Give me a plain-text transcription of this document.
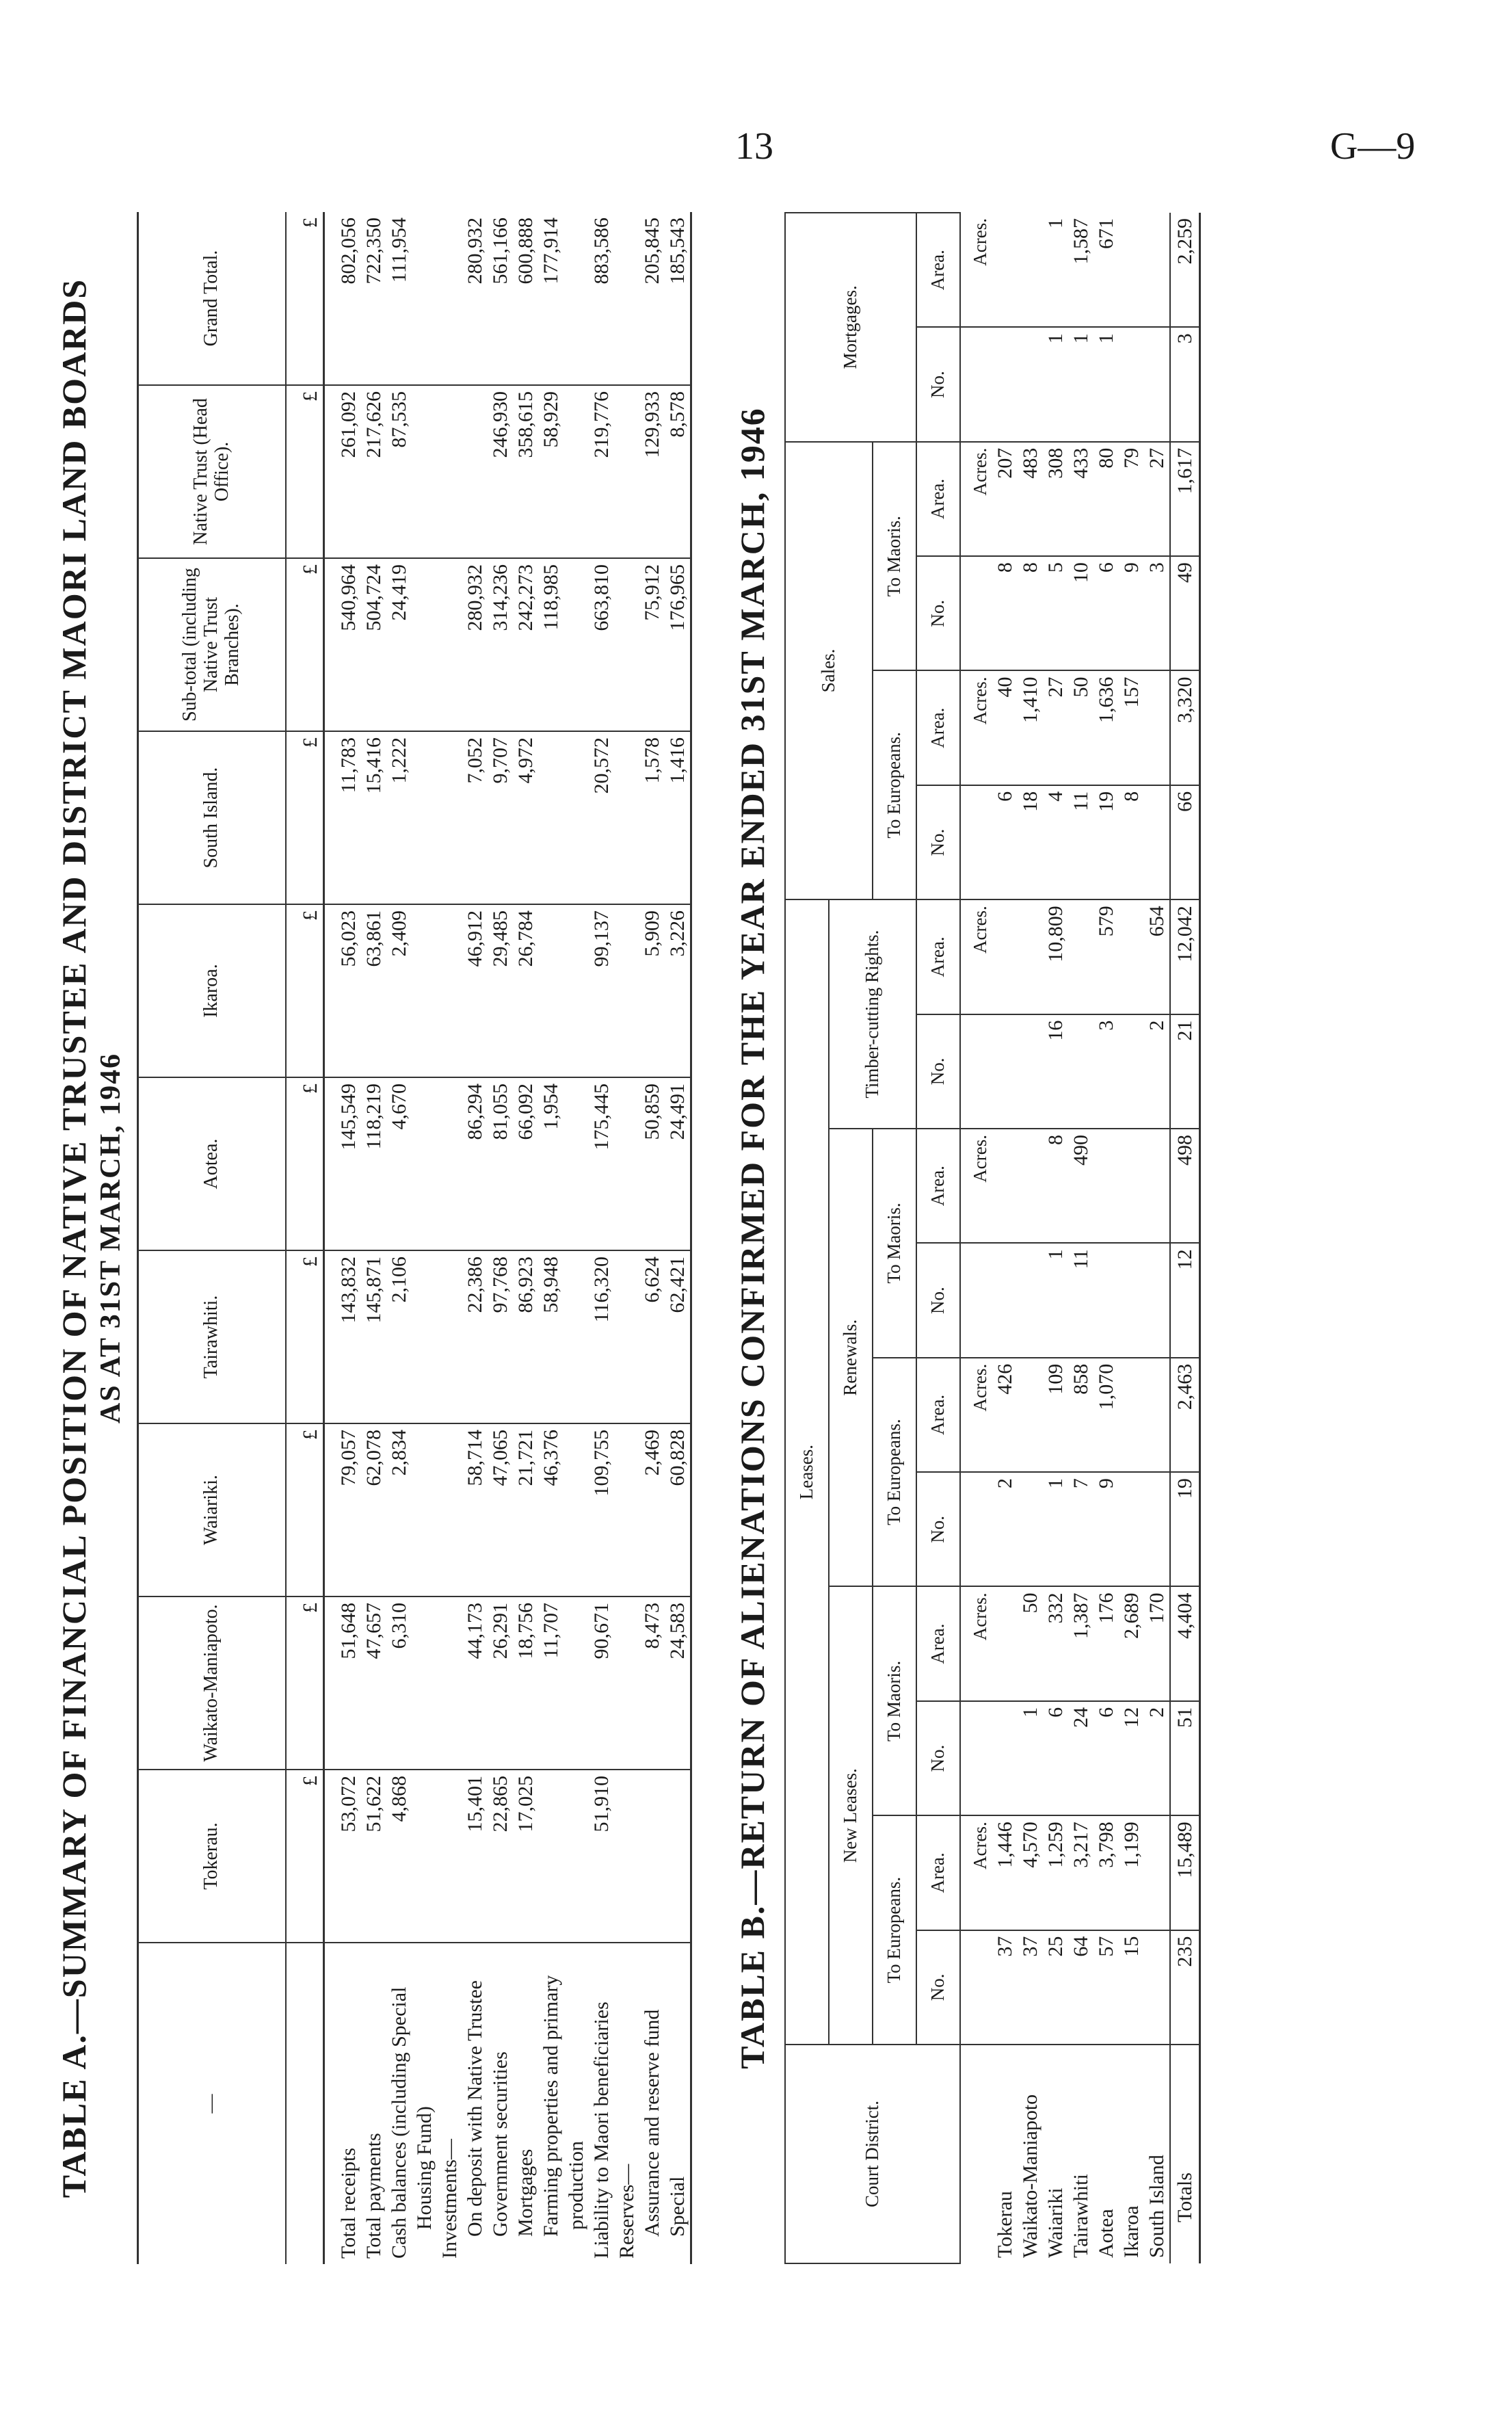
13	G—9
TABLE A.—SUMMARY OF FINANCIAL POSITION OF NATIVE TRUSTEE AND DISTRICT MAORI LAND BOARDS AS AT 31ST MARCH, 1946
—	Tokerau.	Waikato-Maniapoto.	Waiariki.	Tairawhiti.	Aotea.	Ikaroa.	South Island.	Sub-total (including Native Trust Branches).	Native Trust (Head Office).	Grand Total.
	£	£	£	£	£	£	£	£	£	£
Total receipts	53,072	51,648	79,057	143,832	145,549	56,023	11,783	540,964	261,092	802,056
Total payments	51,622	47,657	62,078	145,871	118,219	63,861	15,416	504,724	217,626	722,350
Cash balances (including Special	4,868	6,310	2,834	2,106	4,670	2,409	1,222	24,419	87,535	111,954
Housing Fund)										
Investments—										
On deposit with Native Trustee	15,401	44,173	58,714	22,386	86,294	46,912	7,052	280,932		280,932
Government securities	22,865	26,291	47,065	97,768	81,055	29,485	9,707	314,236	246,930	561,166
Mortgages	17,025	18,756	21,721	86,923	66,092	26,784	4,972	242,273	358,615	600,888
Farming properties and primary		11,707	46,376	58,948	1,954			118,985	58,929	177,914
production										
Liability to Maori beneficiaries	51,910	90,671	109,755	116,320	175,445	99,137	20,572	663,810	219,776	883,586
Reserves—										
Assurance and reserve fund		8,473	2,469	6,624	50,859	5,909	1,578	75,912	129,933	205,845
Special		24,583	60,828	62,421	24,491	3,226	1,416	176,965	8,578	185,543
TABLE B.—RETURN OF ALIENATIONS CONFIRMED FOR THE YEAR ENDED 31ST MARCH, 1946
Court District.	Leases.										Sales.				Mortgages.	
	New Leases.				Renewals.				Timber-cutting Rights.							
	To Europeans.		To Maoris.		To Europeans.		To Maoris.				To Europeans.		To Maoris.			
	No.	Area.	No.	Area.	No.	Area.	No.	Area.	No.	Area.	No.	Area.	No.	Area.	No.	Area.
		Acres.		Acres.		Acres.		Acres.		Acres.		Acres.		Acres.		Acres.
Tokerau	37	1,446			2	426					6	40	8	207		
Waikato-Maniapoto	37	4,570	1	50							18	1,410	8	483		
Waiariki	25	1,259	6	332	1	109	1	8	16	10,809	4	27	5	308	1	1
Tairawhiti	64	3,217	24	1,387	7	858	11	490			11	50	10	433	1	1,587
Aotea	57	3,798	6	176	9	1,070			3	579	19	1,636	6	80	1	671
Ikaroa	15	1,199	12	2,689							8	157	9	79		
South Island			2	170					2	654			3	27		
Totals	235	15,489	51	4,404	19	2,463	12	498	21	12,042	66	3,320	49	1,617	3	2,259
